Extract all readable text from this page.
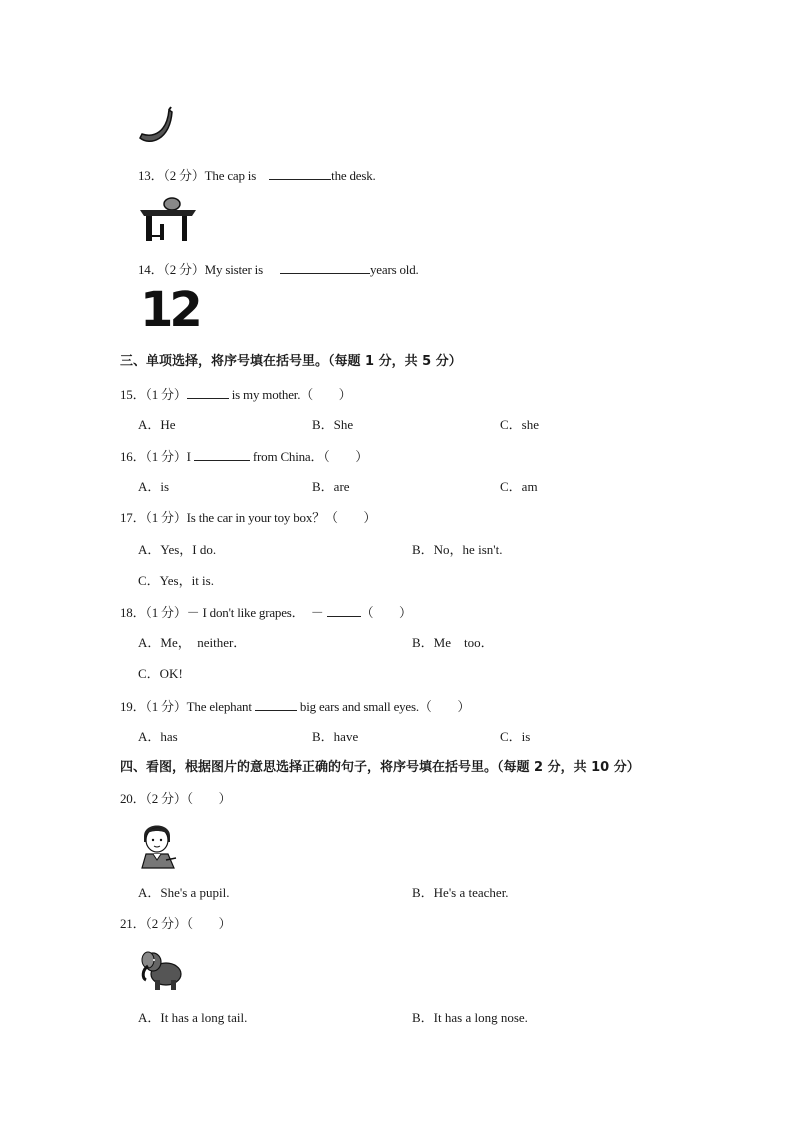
13．（2 分）The cap is	the desk.
14．（2 分）My sister is	years old.
12
三、单项选择，将序号填在括号里。（每题 1 分，共 5 分）
15．（1 分）	is my mother.（　　）
A．He	B．She	C．she
16．（1 分）I	from China．（　　）
A．is	B．are	C．am
17．（1 分）Is the car in your toy box？（　　）
A．Yes，I do.	B．No，he isn't.
C．Yes，it is.
18．（1 分）－ I don't like grapes．　－	（　　）
A．Me，　neither．	B．Me　too．
C．OK!
19．（1 分）The elephant	big ears and small eyes.（　　）
A．has	B．have	C．is
四、看图，根据图片的意思选择正确的句子，将序号填在括号里。（每题 2 分，共 10 分）
20．（2 分）（　　）
A．She's a pupil.	B．He's a teacher.
21．（2 分）（　　）
A．It has a long tail.	B．It has a long nose.
